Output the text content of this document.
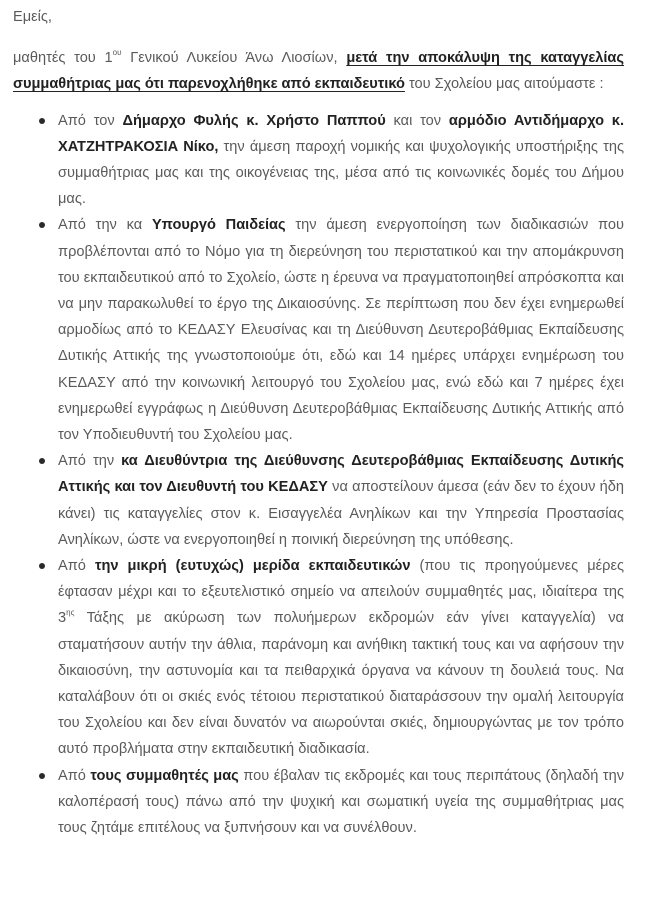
Εμείς,

μαθητές του $1^{o\upsilon}$ Γενικού Λυκείου Άνω Λιοσίων, μετά την αποκάλυψη της καταγγελίας συμμαθήτριας μας ότι παρενοχλήθηκε από εκπαιδευτικό του Σχολείου μας αιτούμαστε :

Από τον Δήμαρχο Φυλής κ. Χρήστο Παππού και τον αρμόδιο Αντιδήμαρχο κ. ΧΑΤΖΗΤΡΑΚΟΣΙΑ Νίκο, την άμεση παροχή νομικής και ψυχολογικής υποστήριξης της συμμαθήτριας μας και της οικογένειας της, μέσα από τις κοινωνικές δομές του Δήμου μας.
Από την κα Υπουργό Παιδείας την άμεση ενεργοποίηση των διαδικασιών που προβλέπονται από το Νόμο για τη διερεύνηση του περιστατικού και την απομάκρυνση του εκπαιδευτικού από το Σχολείο, ώστε η έρευνα να πραγματοποιηθεί απρόσκοπτα και να μην παρακωλυθεί το έργο της Δικαιοσύνης. Σε περίπτωση που δεν έχει ενημερωθεί αρμοδίως από το ΚΕΔΑΣΥ Ελευσίνας και τη Διεύθυνση Δευτεροβάθμιας Εκπαίδευσης Δυτικής Αττικής της γνωστοποιούμε ότι, εδώ και 14 ημέρες υπάρχει ενημέρωση του ΚΕΔΑΣΥ από την κοινωνική λειτουργό του Σχολείου μας, ενώ εδώ και 7 ημέρες έχει ενημερωθεί εγγράφως η Διεύθυνση Δευτεροβάθμιας Εκπαίδευσης Δυτικής Αττικής από τον Υποδιευθυντή του Σχολείου μας.
Από την κα Διευθύντρια της Διεύθυνσης Δευτεροβάθμιας Εκπαίδευσης Δυτικής Αττικής και τον Διευθυντή του ΚΕΔΑΣΥ να αποστείλουν άμεσα (εάν δεν το έχουν ήδη κάνει) τις καταγγελίες στον κ. Εισαγγελέα Ανηλίκων και την Υπηρεσία Προστασίας Ανηλίκων, ώστε να ενεργοποιηθεί η ποινική διερεύνηση της υπόθεσης.
Από την μικρή (ευτυχώς) μερίδα εκπαιδευτικών (που τις προηγούμενες μέρες έφτασαν μέχρι και το εξευτελιστικό σημείο να απειλούν συμμαθητές μας, ιδιαίτερα της $3^{\eta\varsigma}$ Τάξης με ακύρωση των πολυήμερων εκδρομών εάν γίνει καταγγελία) να σταματήσουν αυτήν την άθλια, παράνομη και ανήθικη τακτική τους και να αφήσουν την δικαιοσύνη, την αστυνομία και τα πειθαρχικά όργανα να κάνουν τη δουλειά τους. Να καταλάβουν ότι οι σκιές ενός τέτοιου περιστατικού διαταράσσουν την ομαλή λειτουργία του Σχολείου και δεν είναι δυνατόν να αιωρούνται σκιές, δημιουργώντας με τον τρόπο αυτό προβλήματα στην εκπαιδευτική διαδικασία.
Από τους συμμαθητές μας που έβαλαν τις εκδρομές και τους περιπάτους (δηλαδή την καλοπέρασή τους) πάνω από την ψυχική και σωματική υγεία της συμμαθήτριας μας τους ζητάμε επιτέλους να ξυπνήσουν και να συνέλθουν.
